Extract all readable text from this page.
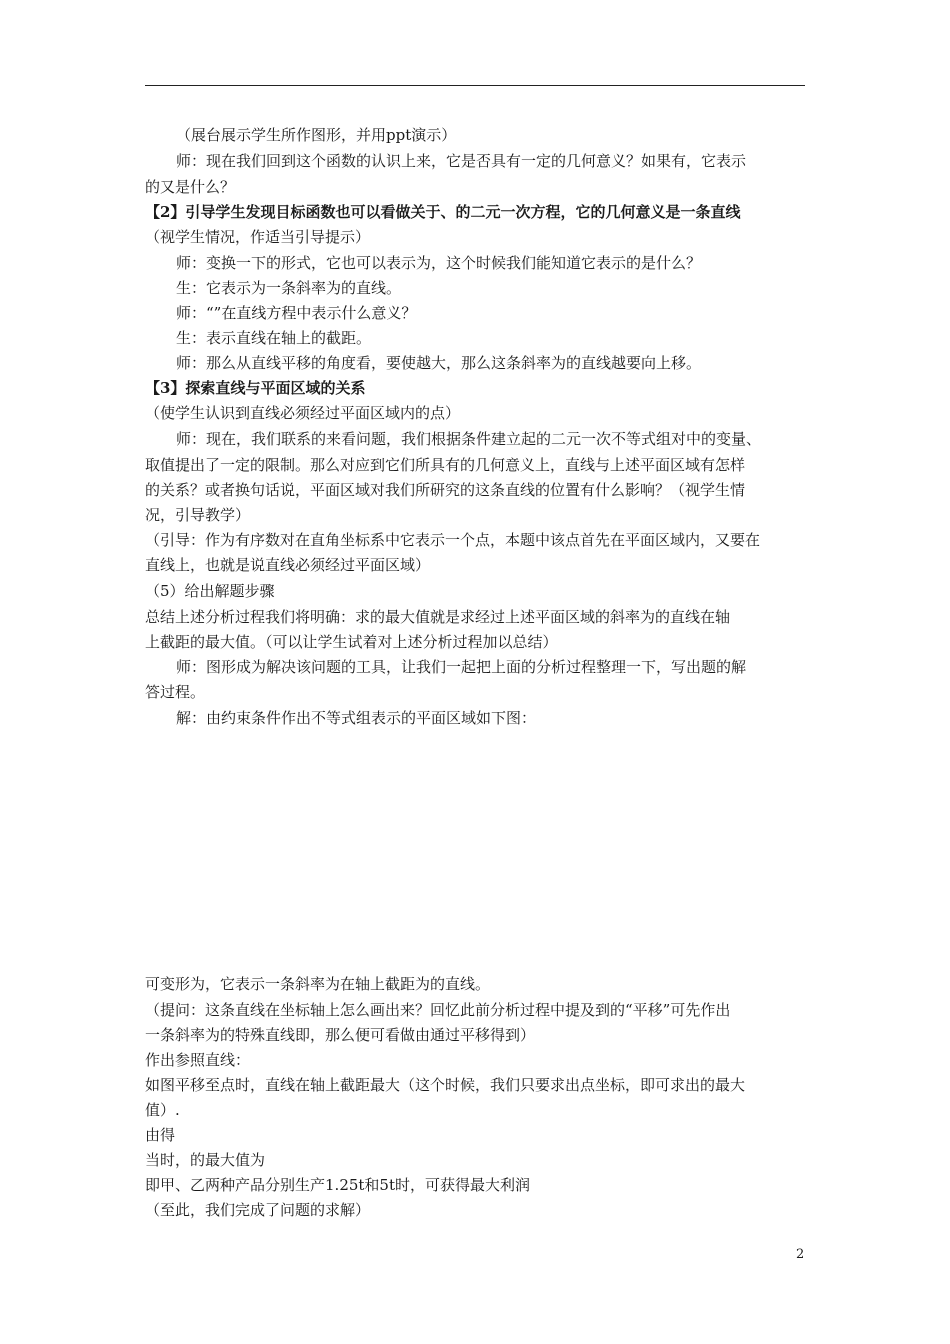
（展台展示学生所作图形，并用ppt演示）
师：现在我们回到这个函数的认识上来，它是否具有一定的几何意义？如果有，它表示
的又是什么？
【2】引导学生发现目标函数也可以看做关于、的二元一次方程，它的几何意义是一条直线
（视学生情况，作适当引导提示）
师：变换一下的形式，它也可以表示为，这个时候我们能知道它表示的是什么？
生：它表示为一条斜率为的直线。
师：“”在直线方程中表示什么意义？
生：表示直线在轴上的截距。
师：那么从直线平移的角度看，要使越大，那么这条斜率为的直线越要向上移。
【3】探索直线与平面区域的关系
（使学生认识到直线必须经过平面区域内的点）
师：现在，我们联系的来看问题，我们根据条件建立起的二元一次不等式组对中的变量、
取值提出了一定的限制。那么对应到它们所具有的几何意义上，直线与上述平面区域有怎样
的关系？或者换句话说，平面区域对我们所研究的这条直线的位置有什么影响？（视学生情
况，引导教学）
（引导：作为有序数对在直角坐标系中它表示一个点，本题中该点首先在平面区域内，又要在
直线上，也就是说直线必须经过平面区域）
（5）给出解题步骤
总结上述分析过程我们将明确：求的最大值就是求经过上述平面区域的斜率为的直线在轴
上截距的最大值。（可以让学生试着对上述分析过程加以总结）
师：图形成为解决该问题的工具，让我们一起把上面的分析过程整理一下，写出题的解
答过程。
解：由约束条件作出不等式组表示的平面区域如下图：
可变形为，它表示一条斜率为在轴上截距为的直线。
（提问：这条直线在坐标轴上怎么画出来？回忆此前分析过程中提及到的“平移”可先作出
一条斜率为的特殊直线即，那么便可看做由通过平移得到）
作出参照直线：
如图平移至点时，直线在轴上截距最大（这个时候，我们只要求出点坐标，即可求出的最大
值）.
由得
当时，的最大值为
即甲、乙两种产品分别生产1.25t和5t时，可获得最大利润
（至此，我们完成了问题的求解）
2
